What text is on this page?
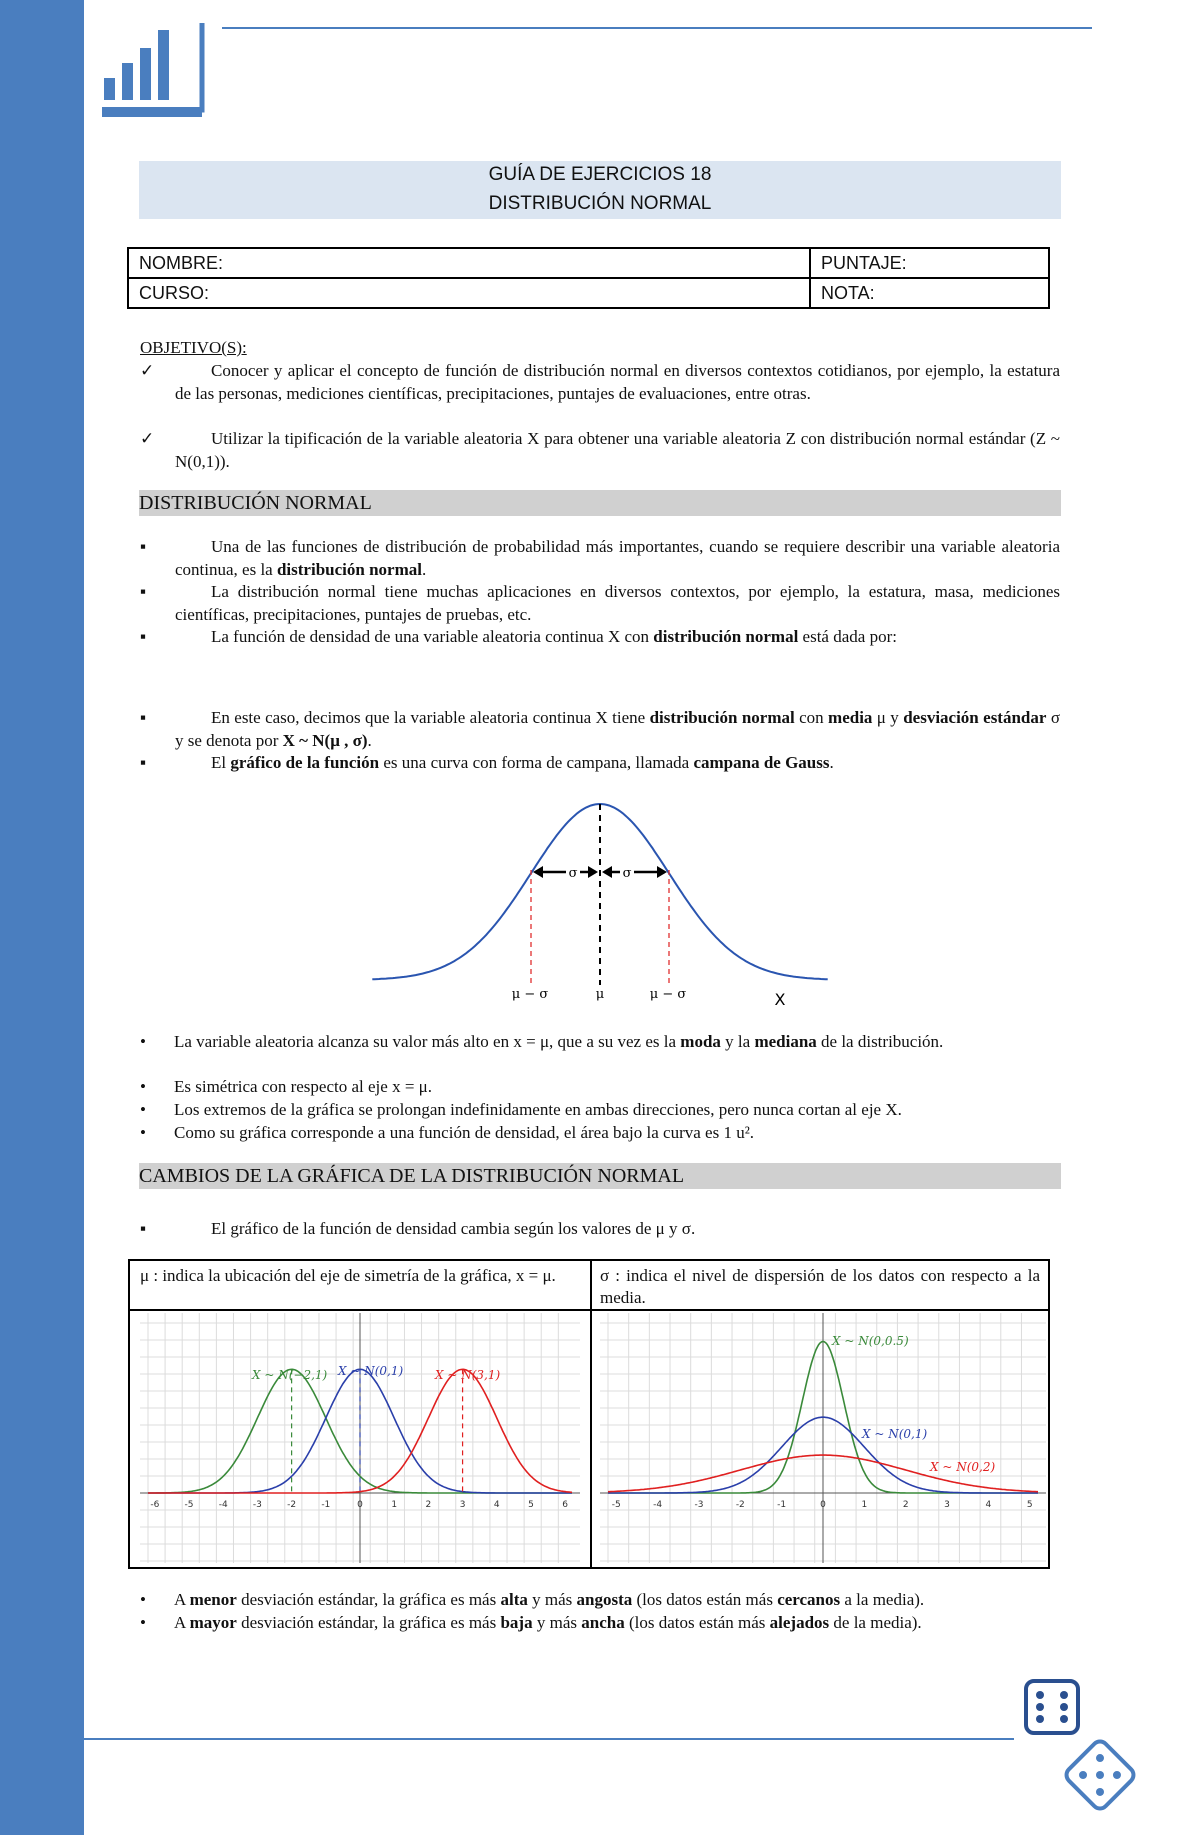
GUÍA DE EJERCICIOS 18
DISTRIBUCIÓN NORMAL
NOMBRE:	PUNTAJE:
CURSO:	NOTA:
OBJETIVO(S):
✓	Conocer y aplicar el concepto de función de distribución normal en diversos contextos cotidianos, por ejemplo, la estatura de las personas, mediciones científicas, precipitaciones, puntajes de evaluaciones, entre otras.
✓	Utilizar la tipificación de la variable aleatoria X para obtener una variable aleatoria Z con distribución normal estándar (Z ~ N(0,1)).
DISTRIBUCIÓN NORMAL
▪	Una de las funciones de distribución de probabilidad más importantes, cuando se requiere describir una variable aleatoria continua, es la distribución normal.
▪	La distribución normal tiene muchas aplicaciones en diversos contextos, por ejemplo, la estatura, masa, mediciones científicas, precipitaciones, puntajes de pruebas, etc.
▪	La función de densidad de una variable aleatoria continua X con distribución normal está dada por:
▪	En este caso, decimos que la variable aleatoria continua X tiene distribución normal con media μ y desviación estándar σ y se denota por X ~ N(μ , σ).
▪	El gráfico de la función es una curva con forma de campana, llamada campana de Gauss.
σ	σ
μ − σ	μ	μ − σ	X
• La variable aleatoria alcanza su valor más alto en x = μ, que a su vez es la moda y la mediana de la distribución.
• Es simétrica con respecto al eje x = μ.
• Los extremos de la gráfica se prolongan indefinidamente en ambas direcciones, pero nunca cortan al eje X.
• Como su gráfica corresponde a una función de densidad, el área bajo la curva es 1 u².
CAMBIOS DE LA GRÁFICA DE LA DISTRIBUCIÓN NORMAL
▪	El gráfico de la función de densidad cambia según los valores de μ y σ.
μ : indica la ubicación del eje de simetría de la gráfica, x = μ.	σ : indica el nivel de dispersión de los datos con respecto a la media.
-6	-5	-4	-3	-2	-1	0	1	2	3	4	5	6
X ~ N(−2,1) X ~ N(0,1)	X ~ N(3,1)
-5	-4	-3	-2	-1	0	1	2	3	4	5
X ~ N(0,0.5)
X ~ N(0,1)
X ~ N(0,2)
• A menor desviación estándar, la gráfica es más alta y más angosta (los datos están más cercanos a la media).
• A mayor desviación estándar, la gráfica es más baja y más ancha (los datos están más alejados de la media).
